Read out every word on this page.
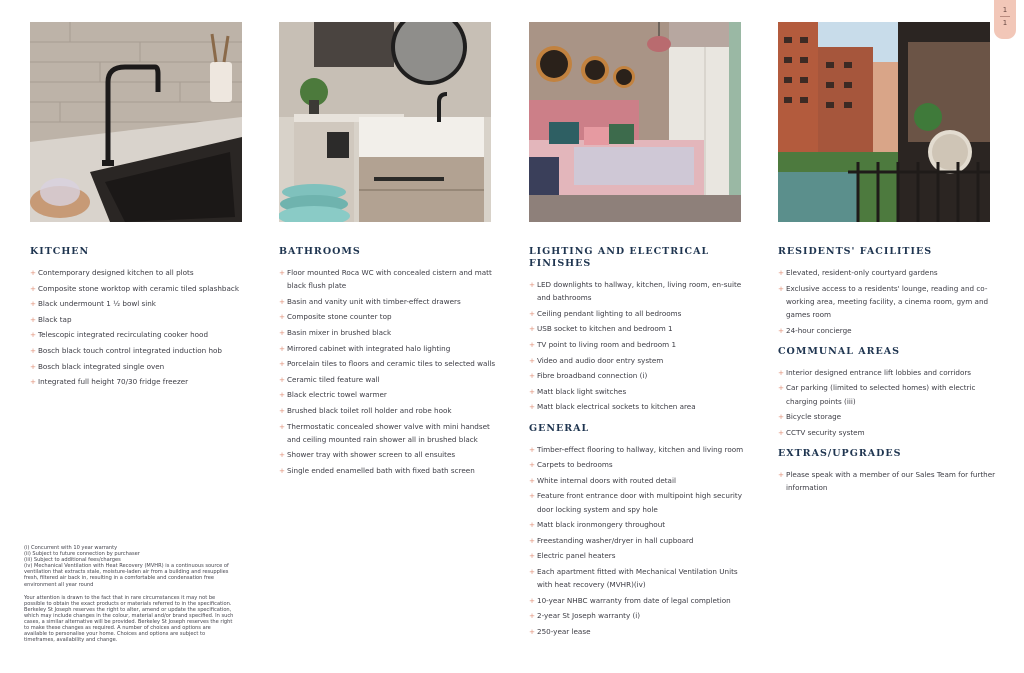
1
1
KITCHEN
+ Contemporary designed kitchen to all plots
+ Composite stone worktop with ceramic tiled splashback
+ Black undermount 1 ½ bowl sink
+ Black tap
+ Telescopic integrated recirculating cooker hood
+ Bosch black touch control integrated induction hob
+ Bosch black integrated single oven
+ Integrated full height 70/30 fridge freezer
BATHROOMS
+ Floor mounted Roca WC with concealed cistern and matt black flush plate
+ Basin and vanity unit with timber-effect drawers
+ Composite stone counter top
+ Basin mixer in brushed black
+ Mirrored cabinet with integrated halo lighting
+ Porcelain tiles to floors and ceramic tiles to selected walls
+ Ceramic tiled feature wall
+ Black electric towel warmer
+ Brushed black toilet roll holder and robe hook
+ Thermostatic concealed shower valve with mini handset and ceiling mounted rain shower all in brushed black
+ Shower tray with shower screen to all ensuites
+ Single ended enamelled bath with fixed bath screen
LIGHTING AND ELECTRICAL FINISHES
+ LED downlights to hallway, kitchen, living room, en-suite and bathrooms
+ Ceiling pendant lighting to all bedrooms
+ USB socket to kitchen and bedroom 1
+ TV point to living room and bedroom 1
+ Video and audio door entry system
+ Fibre broadband connection (i)
+ Matt black light switches
+ Matt black electrical sockets to kitchen area
GENERAL
+ Timber-effect flooring to hallway, kitchen and living room
+ Carpets to bedrooms
+ White internal doors with routed detail
+ Feature front entrance door with multipoint high security door locking system and spy hole
+ Matt black ironmongery throughout
+ Freestanding washer/dryer in hall cupboard
+ Electric panel heaters
+ Each apartment fitted with Mechanical Ventilation Units with heat recovery (MVHR)(iv)
+ 10-year NHBC warranty from date of legal completion
+ 2-year St Joseph warranty (i)
+ 250-year lease
RESIDENTS' FACILITIES
+ Elevated, resident-only courtyard gardens
+ Exclusive access to a residents' lounge, reading and co-working area, meeting facility, a cinema room, gym and games room
+ 24-hour concierge
COMMUNAL AREAS
+ Interior designed entrance lift lobbies and corridors
+ Car parking (limited to selected homes) with electric charging points (iii)
+ Bicycle storage
+ CCTV security system
EXTRAS/UPGRADES
+ Please speak with a member of our Sales Team for further information
(i) Concurrent with 10 year warranty
(ii) Subject to future connection by purchaser
(iii) Subject to additional fees/charges

(iv) Mechanical Ventilation with Heat Recovery (MVHR) is a continuous source of ventilation that extracts stale, moisture-laden air from a building and resupplies fresh, filtered air back in, resulting in a comfortable and condensation free environment all year round

Your attention is drawn to the fact that in rare circumstances it may not be possible to obtain the exact products or materials referred to in the specification. Berkeley St Joseph reserves the right to alter, amend or update the specification, which may include changes in the colour, material and/or brand specified. In such cases, a similar alternative will be provided. Berkeley St Joseph reserves the right to make these changes as required. A number of choices and options are available to personalise your home. Choices and options are subject to timeframes, availability and change.
